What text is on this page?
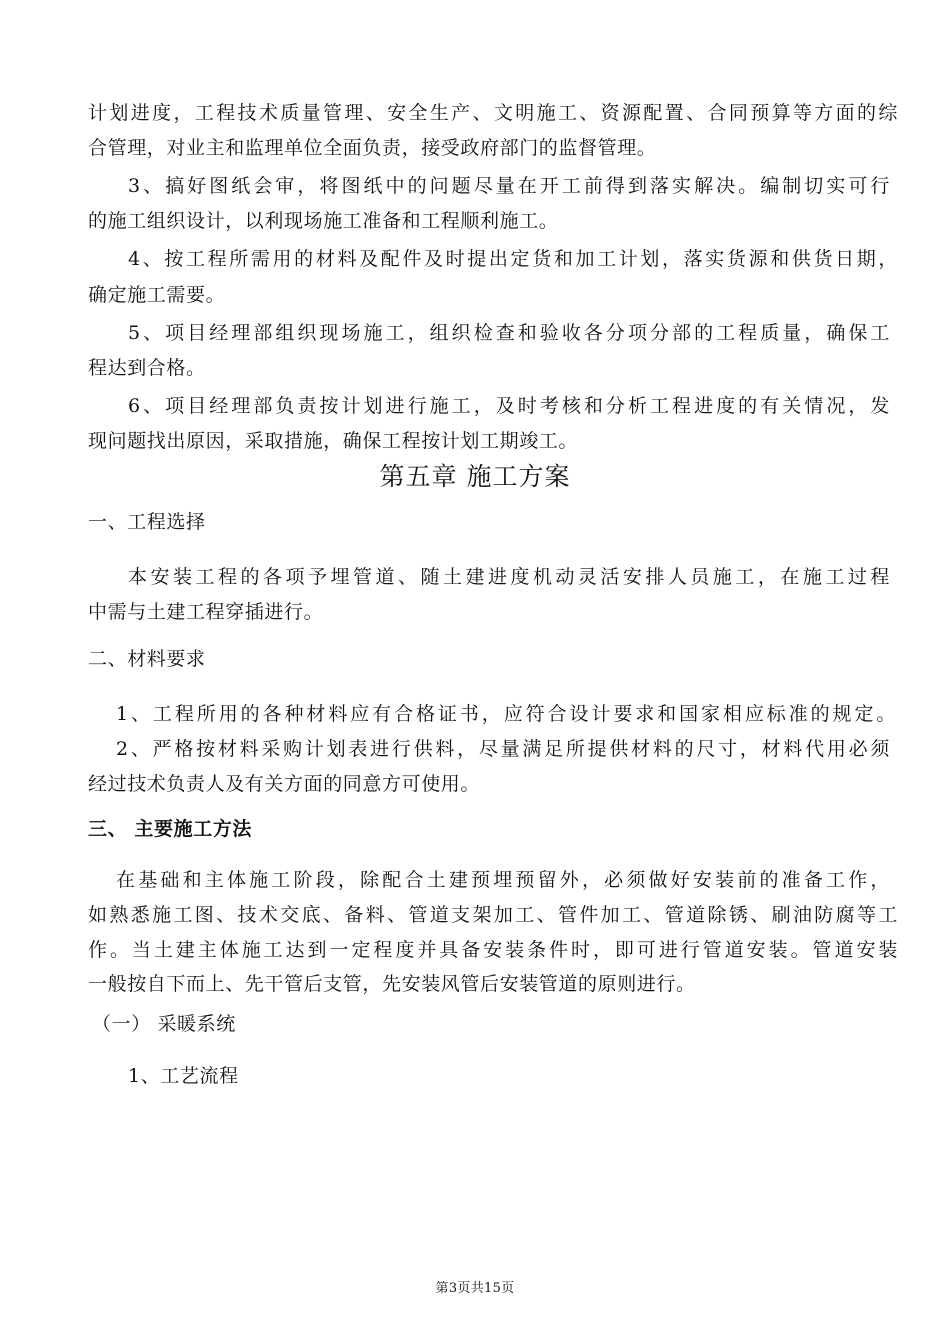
计划进度，工程技术质量管理、安全生产、文明施工、资源配置、合同预算等方面的综
合管理，对业主和监理单位全面负责，接受政府部门的监督管理。
3、搞好图纸会审，将图纸中的问题尽量在开工前得到落实解决。编制切实可行
的施工组织设计，以利现场施工准备和工程顺利施工。
4、按工程所需用的材料及配件及时提出定货和加工计划，落实货源和供货日期，
确定施工需要。
5、项目经理部组织现场施工，组织检查和验收各分项分部的工程质量，确保工
程达到合格。
6、项目经理部负责按计划进行施工，及时考核和分析工程进度的有关情况，发
现问题找出原因，采取措施，确保工程按计划工期竣工。
第五章 施工方案
一、工程选择
本安装工程的各项予埋管道、随土建进度机动灵活安排人员施工，在施工过程
中需与土建工程穿插进行。
二、材料要求
1、工程所用的各种材料应有合格证书，应符合设计要求和国家相应标准的规定。
2、严格按材料采购计划表进行供料，尽量满足所提供材料的尺寸，材料代用必须
经过技术负责人及有关方面的同意方可使用。
三、 主要施工方法
在基础和主体施工阶段，除配合土建预埋预留外，必须做好安装前的准备工作，
如熟悉施工图、技术交底、备料、管道支架加工、管件加工、管道除锈、刷油防腐等工
作。当土建主体施工达到一定程度并具备安装条件时，即可进行管道安装。管道安装
一般按自下而上、先干管后支管，先安装风管后安装管道的原则进行。
（一） 采暖系统
1、工艺流程
第3页共15页
